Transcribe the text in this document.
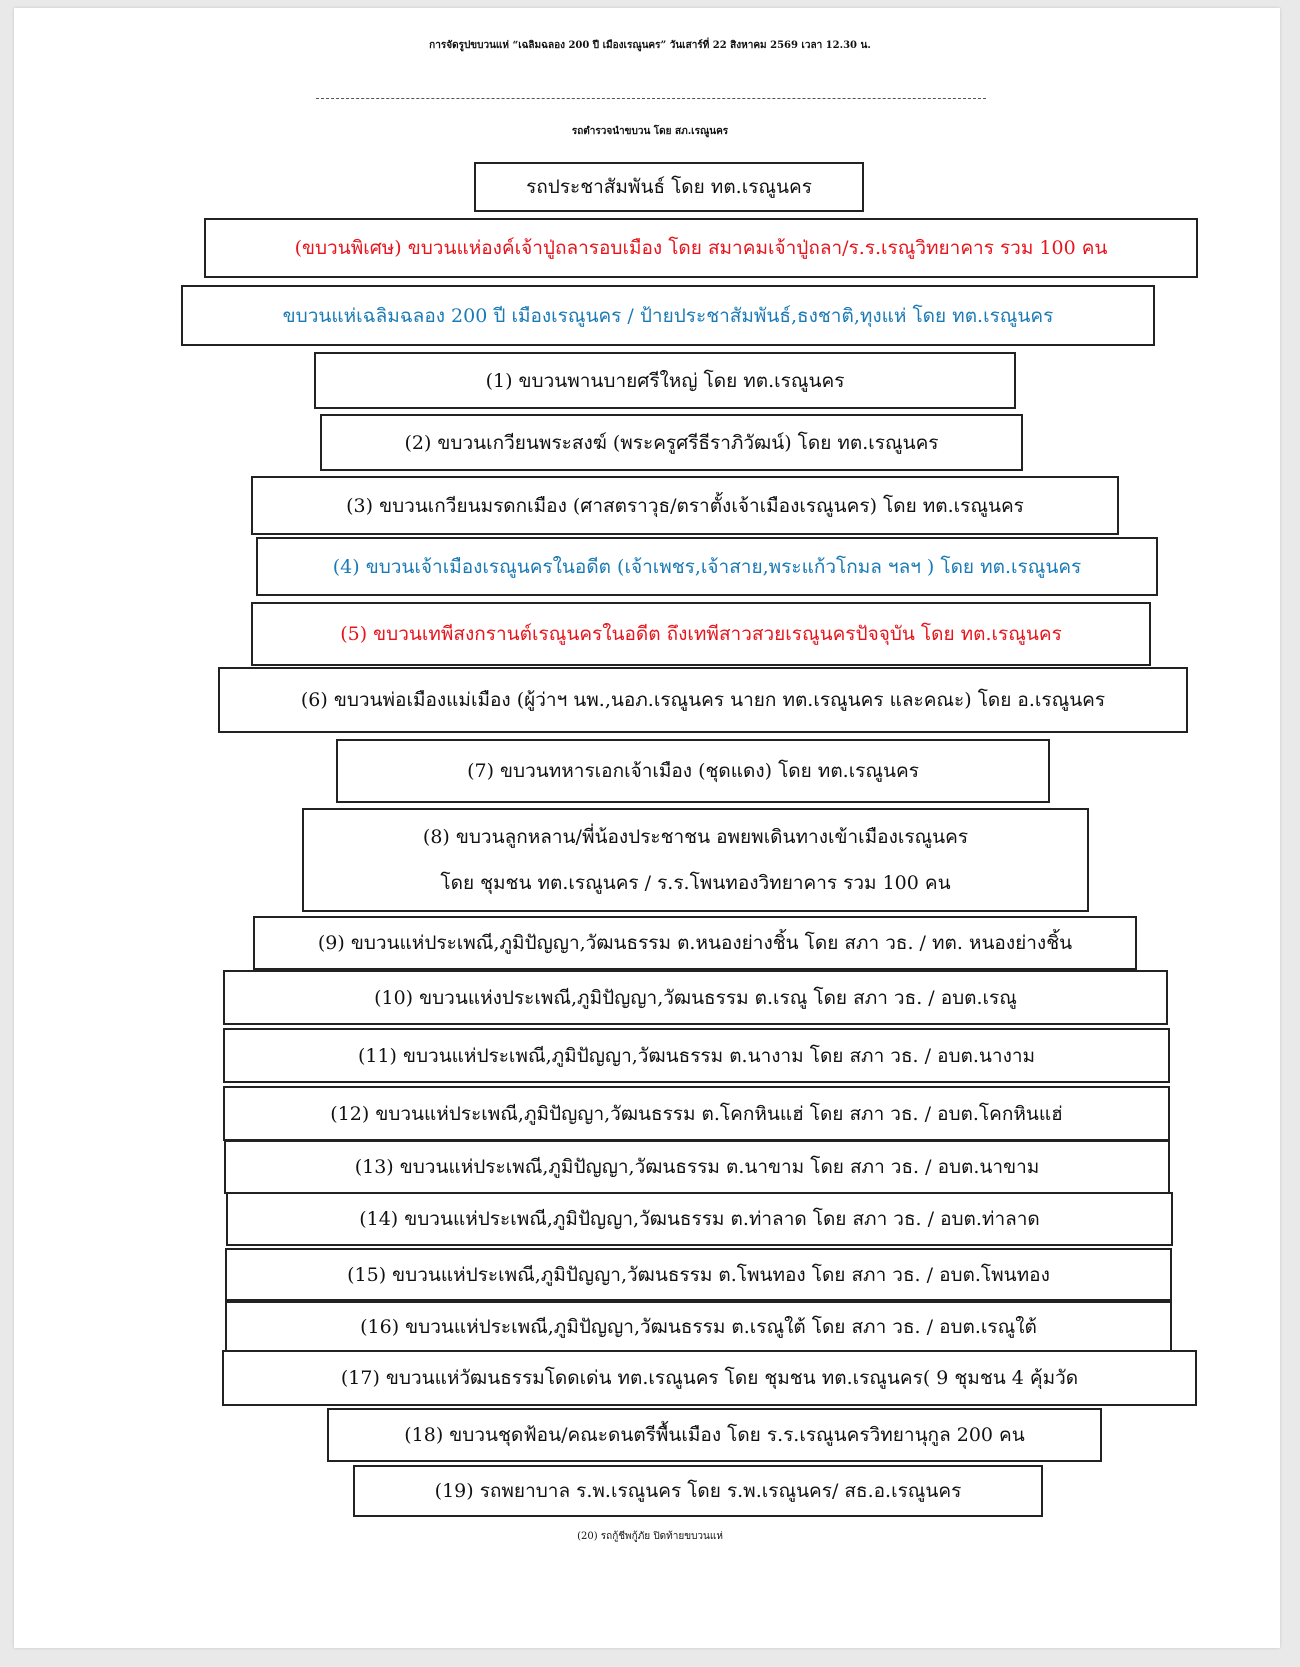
การจัดรูปขบวนแห่ “เฉลิมฉลอง 200 ปี เมืองเรณูนคร” วันเสาร์ที่ 22 สิงหาคม 2569 เวลา 12.30 น.
รถตำรวจนำขบวน โดย สภ.เรณูนคร
รถประชาสัมพันธ์ โดย ทต.เรณูนคร
(ขบวนพิเศษ) ขบวนแห่องค์เจ้าปู่ถลารอบเมือง โดย สมาคมเจ้าปู่ถลา/ร.ร.เรณูวิทยาคาร รวม 100 คน
ขบวนแห่เฉลิมฉลอง 200 ปี เมืองเรณูนคร / ป้ายประชาสัมพันธ์,ธงชาติ,ทุงแห่ โดย ทต.เรณูนคร
(1) ขบวนพานบายศรีใหญ่ โดย ทต.เรณูนคร
(2) ขบวนเกวียนพระสงฆ์ (พระครูศรีธีราภิวัฒน์) โดย ทต.เรณูนคร
(3) ขบวนเกวียนมรดกเมือง (ศาสตราวุธ/ตราตั้งเจ้าเมืองเรณูนคร) โดย ทต.เรณูนคร
(4) ขบวนเจ้าเมืองเรณูนครในอดีต (เจ้าเพชร,เจ้าสาย,พระแก้วโกมล ฯลฯ ) โดย ทต.เรณูนคร
(5) ขบวนเทพีสงกรานต์เรณูนครในอดีต ถึงเทพีสาวสวยเรณูนครปัจจุบัน โดย ทต.เรณูนคร
(6) ขบวนพ่อเมืองแม่เมือง (ผู้ว่าฯ นพ.,นอภ.เรณูนคร นายก ทต.เรณูนคร และคณะ) โดย อ.เรณูนคร
(7) ขบวนทหารเอกเจ้าเมือง (ชุดแดง) โดย ทต.เรณูนคร
(8) ขบวนลูกหลาน/พี่น้องประชาชน อพยพเดินทางเข้าเมืองเรณูนคร
โดย ชุมชน ทต.เรณูนคร / ร.ร.โพนทองวิทยาคาร รวม 100 คน
(9) ขบวนแห่ประเพณี,ภูมิปัญญา,วัฒนธรรม ต.หนองย่างชิ้น โดย สภา วธ. / ทต. หนองย่างชิ้น
(10) ขบวนแห่งประเพณี,ภูมิปัญญา,วัฒนธรรม ต.เรณู โดย สภา วธ. / อบต.เรณู
(11) ขบวนแห่ประเพณี,ภูมิปัญญา,วัฒนธรรม ต.นางาม โดย สภา วธ. / อบต.นางาม
(12) ขบวนแห่ประเพณี,ภูมิปัญญา,วัฒนธรรม ต.โคกหินแฮ่ โดย สภา วธ. / อบต.โคกหินแฮ่
(13) ขบวนแห่ประเพณี,ภูมิปัญญา,วัฒนธรรม ต.นาขาม โดย สภา วธ. / อบต.นาขาม
(14) ขบวนแห่ประเพณี,ภูมิปัญญา,วัฒนธรรม ต.ท่าลาด โดย สภา วธ. / อบต.ท่าลาด
(15) ขบวนแห่ประเพณี,ภูมิปัญญา,วัฒนธรรม ต.โพนทอง โดย สภา วธ. / อบต.โพนทอง
(16) ขบวนแห่ประเพณี,ภูมิปัญญา,วัฒนธรรม ต.เรณูใต้ โดย สภา วธ. / อบต.เรณูใต้
(17) ขบวนแห่วัฒนธรรมโดดเด่น ทต.เรณูนคร โดย ชุมชน ทต.เรณูนคร( 9 ชุมชน 4 คุ้มวัด
(18) ขบวนชุดฟ้อน/คณะดนตรีพื้นเมือง โดย ร.ร.เรณูนครวิทยานุกูล 200 คน
(19) รถพยาบาล ร.พ.เรณูนคร โดย ร.พ.เรณูนคร/ สธ.อ.เรณูนคร
(20) รถกู้ชีพกู้ภัย ปิดท้ายขบวนแห่
